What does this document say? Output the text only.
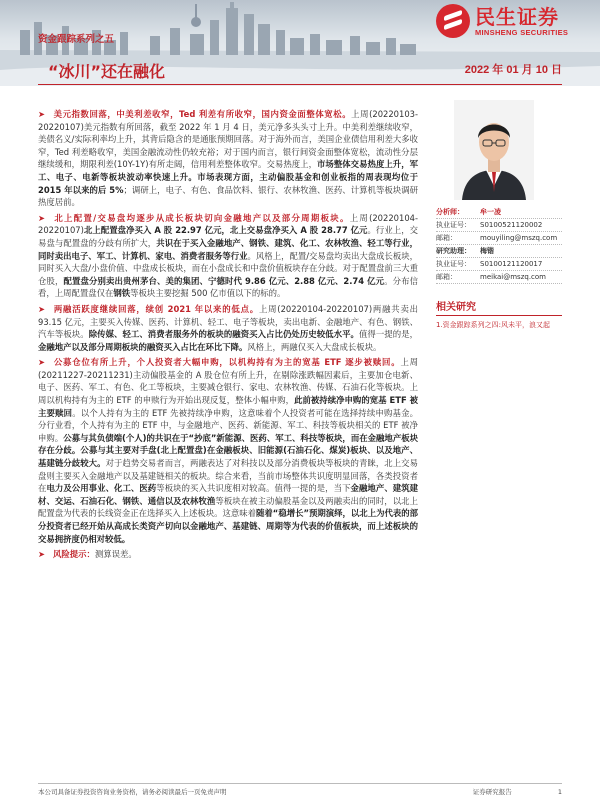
民生证券
MINSHENG SECURITIES
资金跟踪系列之五
“冰川”还在融化	2022 年 01 月 10 日

➤ 美元指数回落，中美利差收窄，Ted 利差有所收窄，国内资金面整体宽松。上周(20220103-20220107)美元指数有所回落，截至 2022 年 1 月 4 日，美元净多头头寸上升。中美利差继续收窄，美债名义/实际利率均上升，其背后隐含的是通胀预期回落。对于海外而言，美国企业债信用利差大多收窄，Ted 利差略收窄，美国金融流动性仍较充裕；对于国内而言，银行间资金面整体宽松，流动性分层继续缓和，期限利差(10Y-1Y)有所走阔，信用利差整体收窄。交易热度上，市场整体交易热度上升，军工、电子、电新等板块波动率快速上升。市场表现方面，主动偏股基金和创业板指的周表现均位于 2015 年以来的后 5%；调研上，电子、有色、食品饮料、银行、农林牧渔、医药、计算机等板块调研热度居前。

➤ 北上配置/交易盘均逐步从成长板块切向金融地产以及部分周期板块。上周(20220104-20220107)北上配置盘净买入 A 股 22.97 亿元，北上交易盘净买入 A 股 28.77 亿元。行业上，交易盘与配置盘的分歧有所扩大，共识在于买入金融地产、钢铁、建筑、化工、农林牧渔、轻工等行业，同时卖出电子、军工、计算机、家电、消费者服务等行业。风格上，配置/交易盘均卖出大盘成长板块，同时买入大盘/小盘价值、中盘成长板块，而在小盘成长和中盘价值板块存在分歧。对于配置盘前三大重仓股，配置盘分别卖出贵州茅台、美的集团、宁德时代 9.86 亿元、2.88 亿元、2.74 亿元。分布信看，上周配置盘仅在钢铁等板块主要挖掘 500 亿市值以下的标的。

➤ 两融活跃度继续回落，续创 2021 年以来的低点。上周(20220104-20220107)两融共卖出 93.15 亿元，主要买入传媒、医药、计算机、轻工、电子等板块，卖出电新、金融地产、有色、钢铁、汽车等板块。除传媒、轻工、消费者服务外的板块的融资买入占比仍处历史较低水平。值得一提的是，金融地产以及部分周期板块的融资买入占比在环比下降。风格上，两融仅买入大盘成长板块。

➤ 公募仓位有所上升，个人投资者大幅申购，以机构持有为主的宽基 ETF 逐步被赎回。上周(20211227-20211231)主动偏股基金的 A 股仓位有所上升，在剔除涨跌幅因素后，主要加仓电新、电子、医药、军工、有色、化工等板块，主要减仓银行、家电、农林牧渔、传媒、石油石化等板块。上周以机构持有为主的 ETF 的申赎行为开始出现反复，整体小幅申购，此前被持续净申购的宽基 ETF 被主要赎回。以个人持有为主的 ETF 先被持续净申购，这意味着个人投资者可能在选择持续申购基金。分行业看，个人持有为主的 ETF 中，与金融地产、医药、新能源、军工、科技等板块相关的 ETF 被净申购。公募与其负债端(个人)的共识在于“抄底”新能源、医药、军工、科技等板块，而在金融地产板块存在分歧。公募与其主要对手盘(北上配置盘)在金融板块、旧能源(石油石化、煤炭)板块、以及地产、基建链分歧较大。对于趋势交易者而言，两融表达了对科技以及部分消费板块等板块的青睐，北上交易盘则主要买入金融地产以及基建链相关的板块。综合来看，当前市场整体共识度明显回落，各类投资者在电力及公用事业、化工、医药等板块的买入共识度相对较高。值得一提的是，当下金融地产、建筑建材、交运、石油石化、钢铁、通信以及农林牧渔等板块在被主动偏股基金以及两融卖出的同时，以北上配置盘为代表的长线资金正在选择买入上述板块。这意味着随着“稳增长”预期演绎，以北上为代表的部分投资者已经开始从高成长类资产切向以金融地产、基建链、周期等为代表的价值板块，而上述板块的交易拥挤度仍相对较低。

➤ 风险提示：测算误差。

分析师：	牟一凌
执业证号：	S0100521120002
邮箱：	mouyiling@mszq.com
研究助理：	梅锴
执业证号：	S0100121120017
邮箱：	meikai@mszq.com
相关研究
1.资金跟踪系列之四:风未平，浪又起
本公司具备证券投资咨询业务资格，请务必阅读最后一页免责声明	证券研究报告	1
